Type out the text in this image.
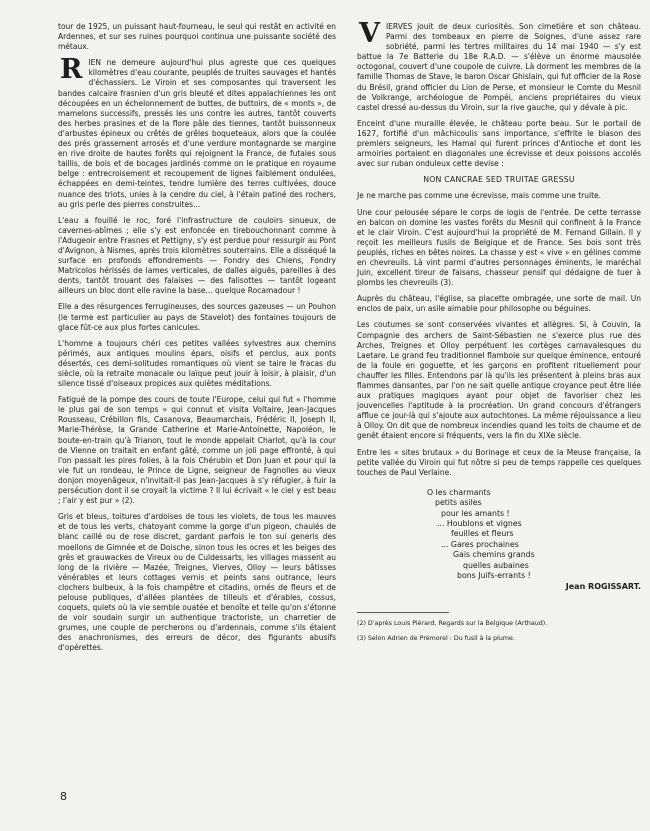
tour de 1925, un puissant haut-fourneau, le seul qui restât en activité en Ardennes, et sur ses ruines pourquoi continua une puissante société des métaux.

RIEN ne demeure aujourd'hui plus agreste que ces quelques kilomètres d'eau courante, peuplés de truites sauvages et hantés d'échassiers. Le Viroin et ses composantes qui traversent les bandes calcaire frasnien d'un gris bleuté et dites appalachiennes les ont découpées en un échelonnement de buttes, de buttoirs, de « monts », de mamelons successifs, pressés les uns contre les autres, tantôt couverts des herbes prasines et de la flore pâle des tiennes, tantôt buissonneux d'arbustes épineux ou crêtés de grêles boqueteaux, alors que la coulée des prés grassement arrosés et d'une verdure montagnarde se margine en rive droite de hautes forêts qui rejoignent la France, de futaies sous taillis, de bois et de bocages jardinés comme on le pratique en royaume belge : entrecroisement et recoupement de lignes faiblement ondulées, échappées en demi-teintes, tendre lumière des terres cultivées, douce nuance des triots, unies à la cendre du ciel, à l'étain patiné des rochers, au gris perle des pierres construites...

L'eau a fouillé le roc, foré l'infrastructure de couloirs sinueux, de cavernes-abîmes ; elle s'y est enfoncée en tirebouchonnant comme à l'Adugeoir entre Frasnes et Pettigny, s'y est perdue pour ressurgir au Pont d'Avignon, à Nismes, après trois kilomètres souterrains. Elle a disséqué la surface en profonds effondrements — Fondry des Chiens, Fondry Matricolos hérissés de lames verticales, de dalles aiguës, pareilles à des dents, tantôt trouant des falaises — des falisottes — tantôt logeant ailleurs un bloc dont elle ravine la base... quelque Rocamadour !

Elle a des résurgences ferrugineuses, des sources gazeuses — un Pouhon (le terme est particulier au pays de Stavelot) des fontaines toujours de glace fût-ce aux plus fortes canicules.

L'homme a toujours chéri ces petites vallées sylvestres aux chemins périmés, aux antiques moulins épars, oisifs et perclus, aux ponts désertés, ces demi-solitudes romantiques où vient se taire le fracas du siècle, où la retraite monacale ou laïque peut jouir à loisir, à plaisir, d'un silence tissé d'oiseaux propices aux quiètes méditations.

Fatigué de la pompe des cours de toute l'Europe, celui qui fut « l'homme le plus gai de son temps » qui connut et visita Voltaire, Jean-Jacques Rousseau, Crébillon fils, Casanova, Beaumarchais, Frédéric II, Joseph II, Marie-Thérèse, la Grande Catherine et Marie-Antoinette, Napoléon, le boute-en-train qu'à Trianon, tout le monde appelait Charlot, qu'à la cour de Vienne on traitait en enfant gâté, comme un joli page effronté, à qui l'on passait les pires folies, à la fois Chérubin et Don Juan et pour qui la vie fut un rondeau, le Prince de Ligne, seigneur de Fagnolles au vieux donjon moyenâgeux, n'invitait-il pas Jean-Jacques à s'y réfugier, à fuir la persécution dont il se croyait la victime ? Il lui écrivait « le ciel y est beau ; l'air y est pur » (2).

Gris et bleus, toitures d'ardoises de tous les violets, de tous les mauves et de tous les verts, chatoyant comme la gorge d'un pigeon, chaulés de blanc caillé ou de rose discret, gardant parfois le ton sui generis des moellons de Gimnée et de Doische, sinon tous les ocres et les beiges des grès et grauwackes de Vireux ou de Culdessarts, les villages massent au long de la rivière — Mazée, Treignes, Vierves, Olloy — leurs bâtisses vénérables et leurs cottages vernis et peints sans outrance, leurs clochers bulbeux, à la fois champêtre et citadins, ornés de fleurs et de pelouse publiques, d'allées plantées de tilleuls et d'érables, cossus, coquets, quiets où la vie semble ouatée et benoîte et telle qu'on s'étonne de voir soudain surgir un authentique tractoriste, un charretier de grumes, une couple de percherons ou d'ardennais, comme s'ils étaient des anachronismes, des erreurs de décor, des figurants abusifs d'opérettes.

VIERVES jouit de deux curiosités. Son cimetière et son château. Parmi des tombeaux en pierre de Soignes, d'une assez rare sobriété, parmi les tertres militaires du 14 mai 1940 — s'y est battue la 7e Batterie du 18e R.A.D. — s'élève un énorme mausolée octogonal, couvert d'une coupole de cuivre. Là dorment les membres de la famille Thomas de Stave, le baron Oscar Ghislain, qui fut officier de la Rose du Brésil, grand officier du Lion de Perse, et monsieur le Comte du Mesnil de Volkrange, archéologue de Pompéi, anciens propriétaires du vieux castel dressé au-dessus du Viroin, sur la rive gauche, qui y dévale à pic.

Enceint d'une muraille élevée, le château porte beau. Sur le portail de 1627, fortifié d'un mâchicoulis sans importance, s'effrite le blason des premiers seigneurs, les Hamal qui furent princes d'Antioche et dont les armoiries portaient en diagonales une écrevisse et deux poissons accolés avec sur ruban onduleux cette devise :

NON CANCRAE SED TRUITAE GRESSU

Je ne marche pas comme une écrevisse, mais comme une truite.

Une cour pelousée sépare le corps de logis de l'entrée. De cette terrasse en balcon on domine les vastes forêts du Mesnil qui confinent à la France et le clair Viroin. C'est aujourd'hui la propriété de M. Fernand Gillain. Il y reçoit les meilleurs fusils de Belgique et de France. Ses bois sont très peuplés, riches en bêtes noires. La chasse y est « vive » en gélines comme en chevreuils. Là vint parmi d'autres personnages éminents, le maréchal Juin, excellent tireur de faisans, chasseur pensif qui dédaigne de tuer à plombs les chevreuils (3).

Auprès du château, l'église, sa placette ombragée, une sorte de mail. Un enclos de paix, un asile aimable pour philosophe ou béguines.

Les coutumes se sont conservées vivantes et allègres. Si, à Couvin, la Compagnie des archers de Saint-Sébastien ne s'exerce plus rue des Arches, Treignes et Olloy perpétuent les cortèges carnavalesques du Laetare. Le grand feu traditionnel flamboie sur quelque éminence, entouré de la foule en goguette, et les garçons en profitent rituellement pour chauffer les filles. Entendons par là qu'ils les présentent à pleins bras aux flammes dansantes, par l'on ne sait quelle antique croyance peut être liée aux pratiques magiques ayant pour objet de favoriser chez les jouvencelles l'aptitude à la procréation. Un grand concours d'étrangers afflue ce jour-là qui s'ajoute aux autochtones. La même réjouissance a lieu à Olloy. On dit que de nombreux incendies quand les toits de chaume et de genêt étaient encore si fréquents, vers la fin du XIXe siècle.

Entre les « sites brutaux » du Borinage et ceux de la Meuse française, la petite vallée du Viroin qui fut nôtre si peu de temps rappelle ces quelques touches de Paul Verlaine.

O les charmants
petits asiles
pour les amants !
... Houblons et vignes
feuilles et fleurs
... Gares prochaines
Gais chemins grands
quelles aubaines
bons Juifs-errants !

Jean ROGISSART.

(2) D'après Louis Piérard, Regards sur la Belgique (Arthaud).

(3) Selon Adrien de Prémorel : Du fusil à la plume.

8
